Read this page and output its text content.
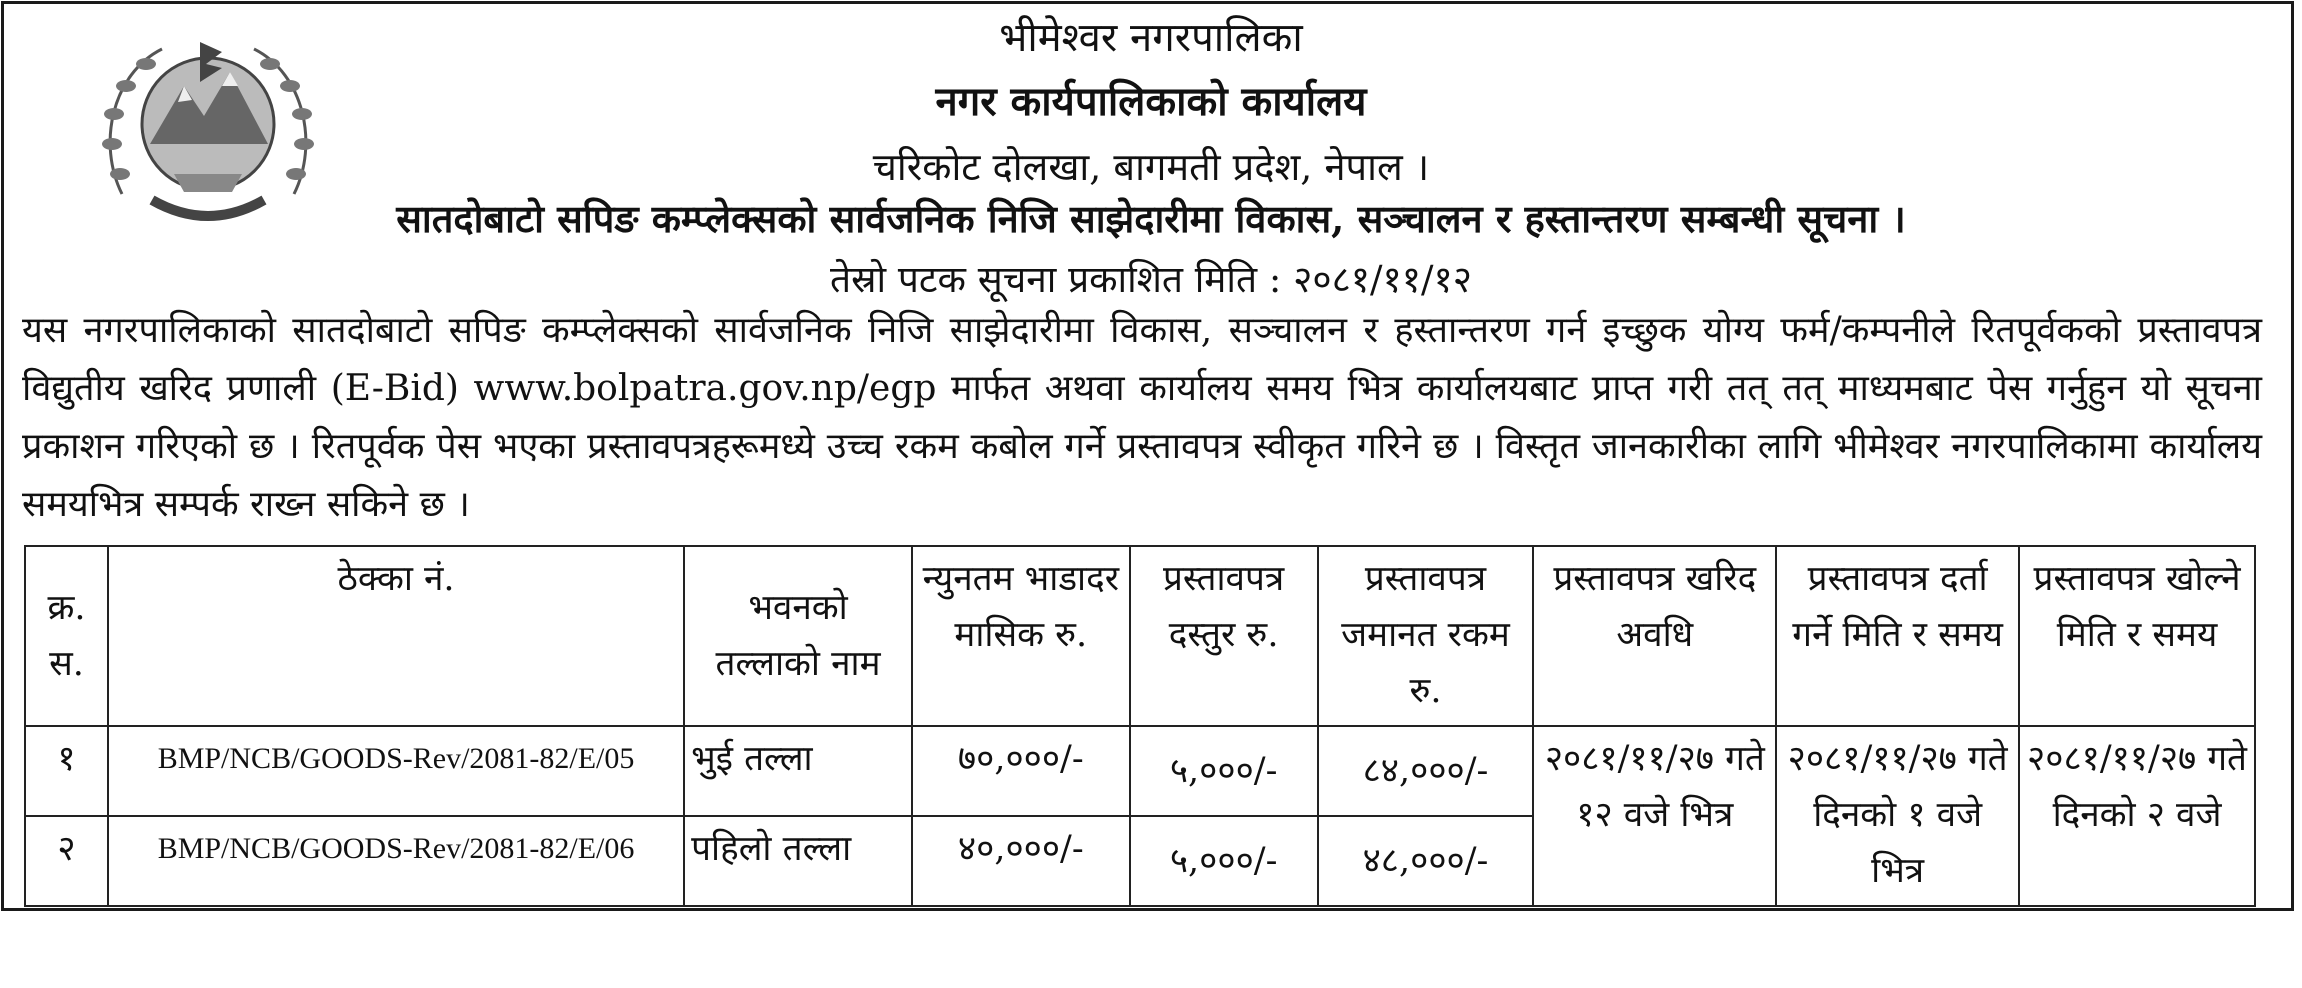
भीमेश्वर नगरपालिका
नगर कार्यपालिकाको कार्यालय
चरिकोट दोलखा, बागमती प्रदेश, नेपाल ।
सातदोबाटो सपिङ कम्प्लेक्सको सार्वजनिक निजि साझेदारीमा विकास, सञ्चालन र हस्तान्तरण सम्बन्धी सूचना ।
तेस्रो पटक सूचना प्रकाशित मिति : २०८१/११/१२
यस नगरपालिकाको सातदोबाटो सपिङ कम्प्लेक्सको सार्वजनिक निजि साझेदारीमा विकास, सञ्चालन र हस्तान्तरण गर्न इच्छुक योग्य फर्म/कम्पनीले रितपूर्वकको प्रस्तावपत्र विद्युतीय खरिद प्रणाली (E-Bid) www.bolpatra.gov.np/egp मार्फत अथवा कार्यालय समय भित्र कार्यालयबाट प्राप्त गरी तत् तत् माध्यमबाट पेस गर्नुहुन यो सूचना प्रकाशन गरिएको छ । रितपूर्वक पेस भएका प्रस्तावपत्रहरूमध्ये उच्च रकम कबोल गर्ने प्रस्तावपत्र स्वीकृत गरिने छ । विस्तृत जानकारीका लागि भीमेश्वर नगरपालिकामा कार्यालय समयभित्र सम्पर्क राख्न सकिने छ ।
क्र. स.	ठेक्का नं.	भवनको तल्लाको नाम	न्युनतम भाडादर मासिक रु.	प्रस्तावपत्र दस्तुर रु.	प्रस्तावपत्र जमानत रकम रु.	प्रस्तावपत्र खरिद अवधि	प्रस्तावपत्र दर्ता गर्ने मिति र समय	प्रस्तावपत्र खोल्ने मिति र समय
१	BMP/NCB/GOODS-Rev/2081-82/E/05	भुई तल्ला	७०,०००/-	५,०००/-	८४,०००/-	२०८१/११/२७ गते १२ वजे भित्र	२०८१/११/२७ गते दिनको १ वजे भित्र	२०८१/११/२७ गते दिनको २ वजे
२	BMP/NCB/GOODS-Rev/2081-82/E/06	पहिलो तल्ला	४०,०००/-	५,०००/-	४८,०००/-			
